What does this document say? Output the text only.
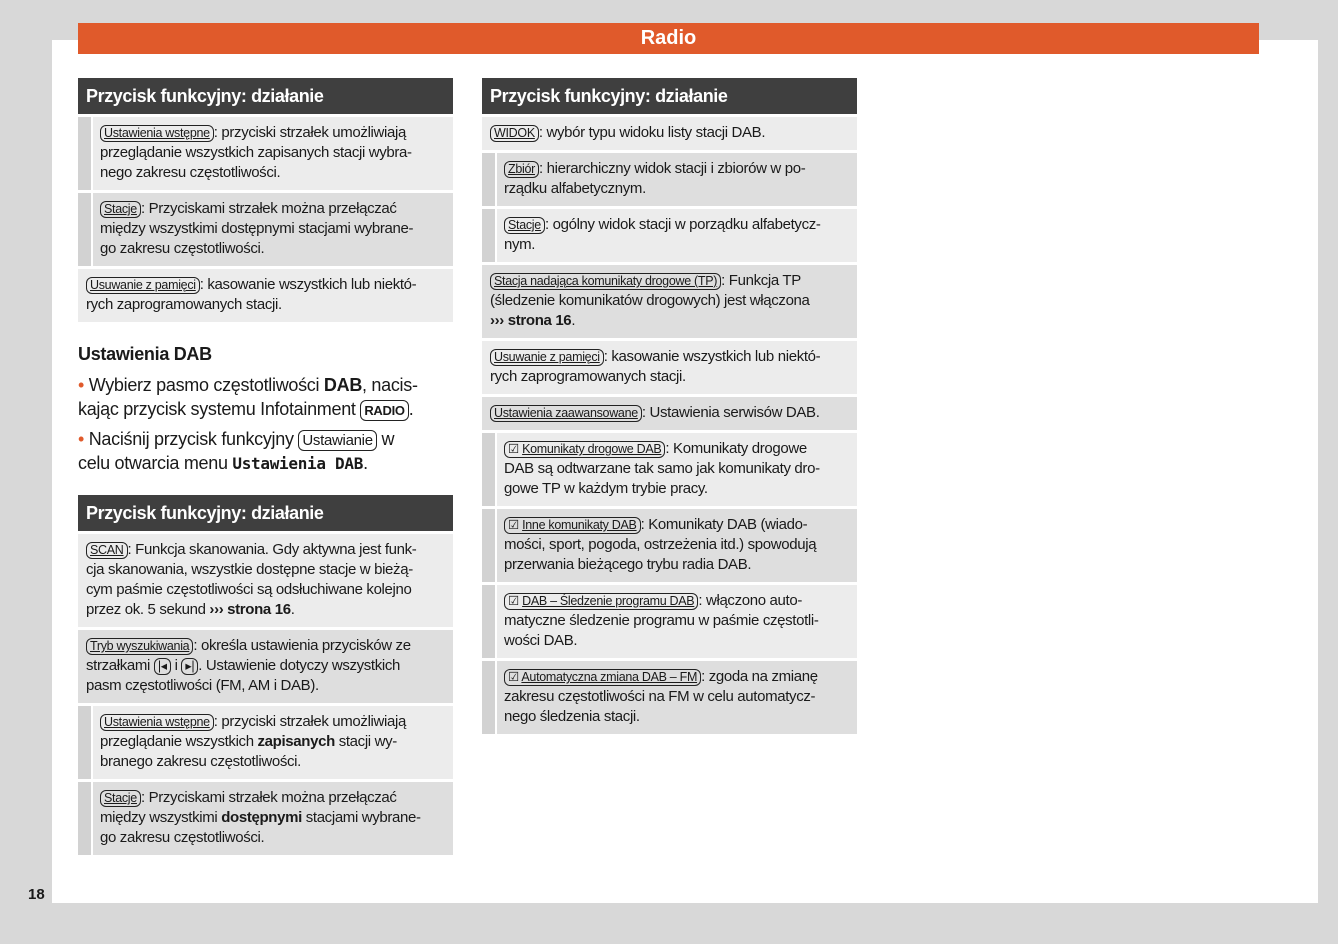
Radio
18
Przycisk funkcyjny: działanie
Ustawienia wstępne : przyciski strzałek umożliwiają
przeglądanie wszystkich zapisanych stacji wybra-
nego zakresu częstotliwości.
Stacje : Przyciskami strzałek można przełączać
między wszystkimi dostępnymi stacjami wybrane-
go zakresu częstotliwości.
Usuwanie z pamięci : kasowanie wszystkich lub niektó-
rych zaprogramowanych stacji.
Ustawienia DAB

• Wybierz pasmo częstotliwości DAB, nacis-
kając przycisk systemu Infotainment RADIO .

• Naciśnij przycisk funkcyjny Ustawianie w
celu otwarcia menu Ustawienia DAB.

Przycisk funkcyjny: działanie
SCAN : Funkcja skanowania. Gdy aktywna jest funk-
cja skanowania, wszystkie dostępne stacje w bieżą-
cym paśmie częstotliwości są odsłuchiwane kolejno
przez ok. 5 sekund ››› strona 16.
Tryb wyszukiwania : określa ustawienia przycisków ze
strzałkami |◂ i ▸| . Ustawienie dotyczy wszystkich
pasm częstotliwości (FM, AM i DAB).
Ustawienia wstępne : przyciski strzałek umożliwiają
przeglądanie wszystkich zapisanych stacji wy-
branego zakresu częstotliwości.
Stacje : Przyciskami strzałek można przełączać
między wszystkimi dostępnymi stacjami wybrane-
go zakresu częstotliwości.
Przycisk funkcyjny: działanie
WIDOK : wybór typu widoku listy stacji DAB.
Zbiór : hierarchiczny widok stacji i zbiorów w po-
rządku alfabetycznym.
Stacje : ogólny widok stacji w porządku alfabetycz-
nym.
Stacja nadająca komunikaty drogowe (TP) : Funkcja TP
(śledzenie komunikatów drogowych) jest włączona
››› strona 16.
Usuwanie z pamięci : kasowanie wszystkich lub niektó-
rych zaprogramowanych stacji.
Ustawienia zaawansowane : Ustawienia serwisów DAB.
☑ Komunikaty drogowe DAB : Komunikaty drogowe
DAB są odtwarzane tak samo jak komunikaty dro-
gowe TP w każdym trybie pracy.
☑ Inne komunikaty DAB : Komunikaty DAB (wiado-
mości, sport, pogoda, ostrzeżenia itd.) spowodują
przerwania bieżącego trybu radia DAB.
☑ DAB – Śledzenie programu DAB : włączono auto-
matyczne śledzenie programu w paśmie częstotli-
wości DAB.
☑ Automatyczna zmiana DAB – FM : zgoda na zmianę
zakresu częstotliwości na FM w celu automatycz-
nego śledzenia stacji.
